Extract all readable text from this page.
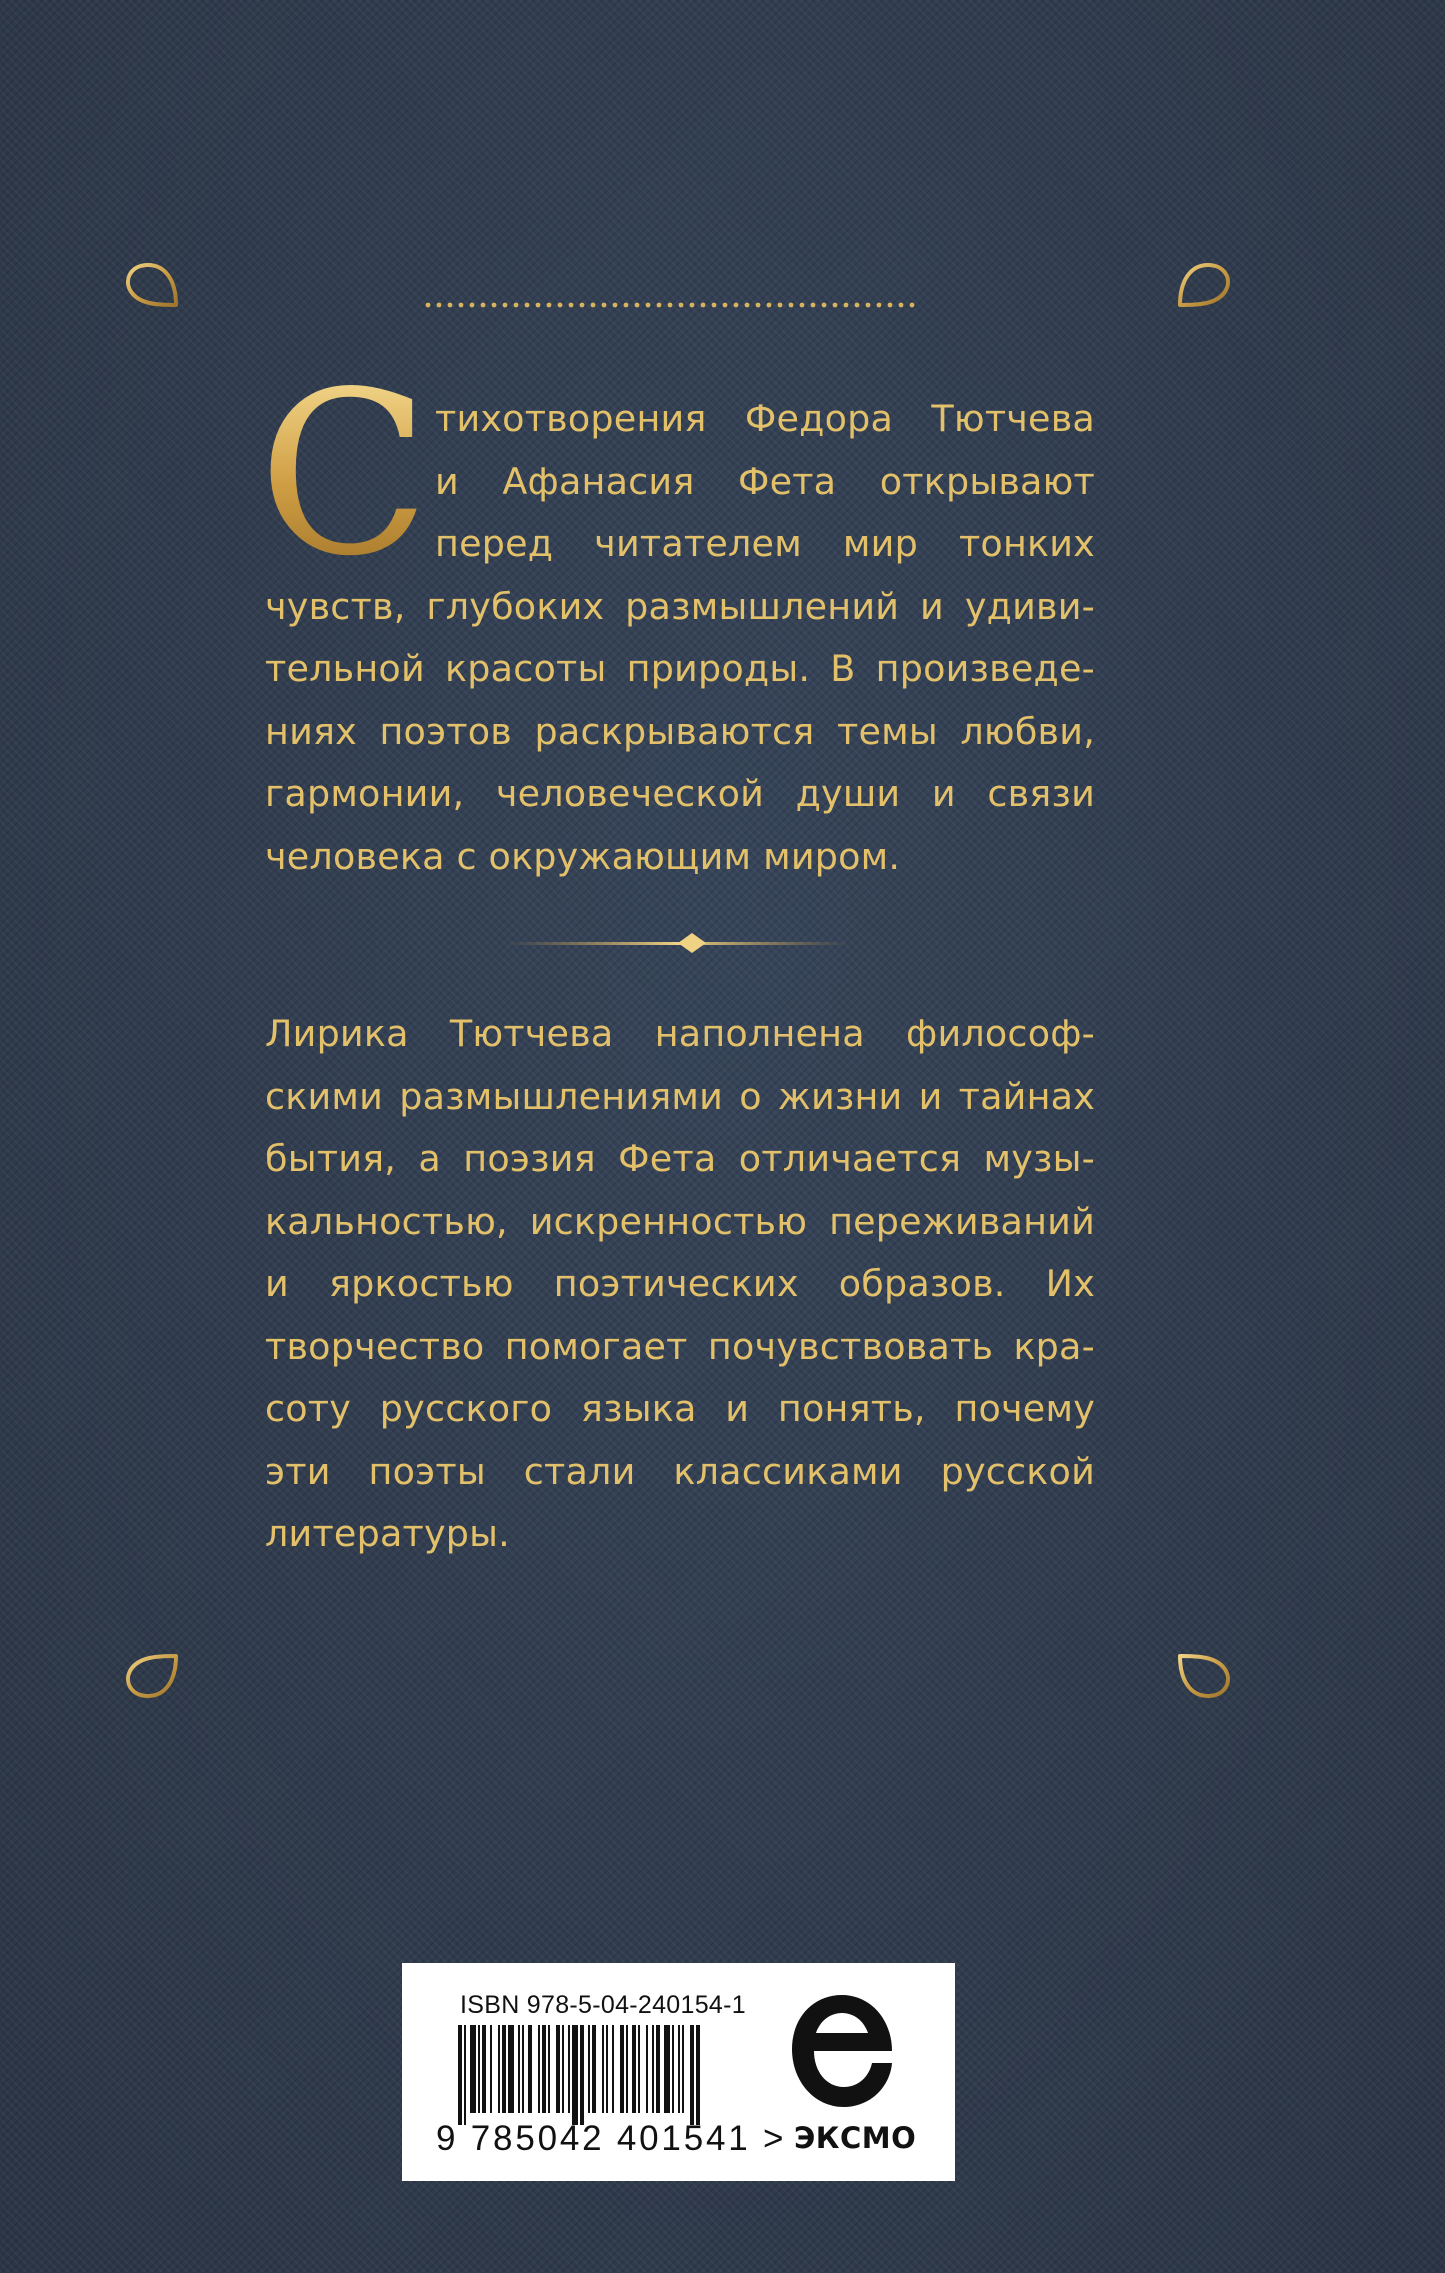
С тихотворения Федора Тютчева
и Афанасия Фета открывают
перед читателем мир тонких
чувств, глубоких размышлений и удиви-
тельной красоты природы. В произведе-
ниях поэтов раскрываются темы любви,
гармонии, человеческой души и связи
человека с окружающим миром.
Лирика Тютчева наполнена философ-
скими размышлениями о жизни и тайнах
бытия, а поэзия Фета отличается музы-
кальностью, искренностью переживаний
и яркостью поэтических образов. Их
творчество помогает почувствовать кра-
соту русского языка и понять, почему
эти поэты стали классиками русской
литературы.
ISBN 978-5-04-240154-1
9 785042 401541 > ЭКСМО
